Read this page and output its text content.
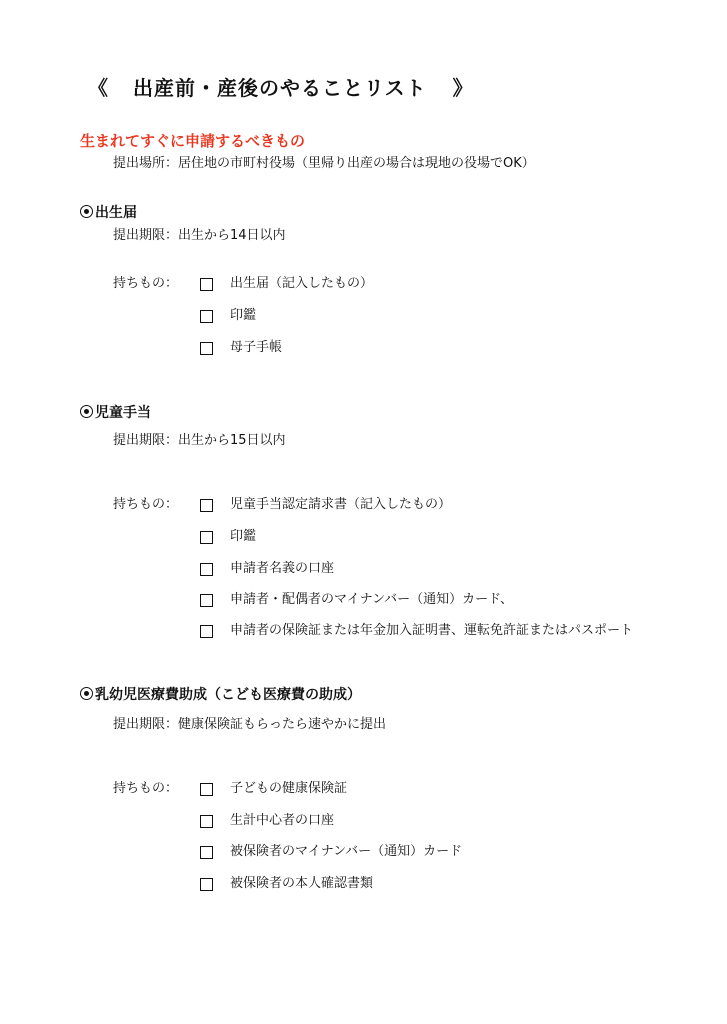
《 出産前・産後のやることリスト 》
生まれてすぐに申請するべきもの
提出場所：居住地の市町村役場（里帰り出産の場合は現地の役場でOK）
出生届
提出期限：出生から14日以内
持ちもの：	出生届（記入したもの）
印鑑
母子手帳
児童手当
提出期限：出生から15日以内
持ちもの：	児童手当認定請求書（記入したもの）
印鑑
申請者名義の口座
申請者・配偶者のマイナンバー（通知）カード、
申請者の保険証または年金加入証明書、運転免許証またはパスポート
乳幼児医療費助成（こども医療費の助成）
提出期限：健康保険証もらったら速やかに提出
持ちもの：	子どもの健康保険証
生計中心者の口座
被保険者のマイナンバー（通知）カード
被保険者の本人確認書類
